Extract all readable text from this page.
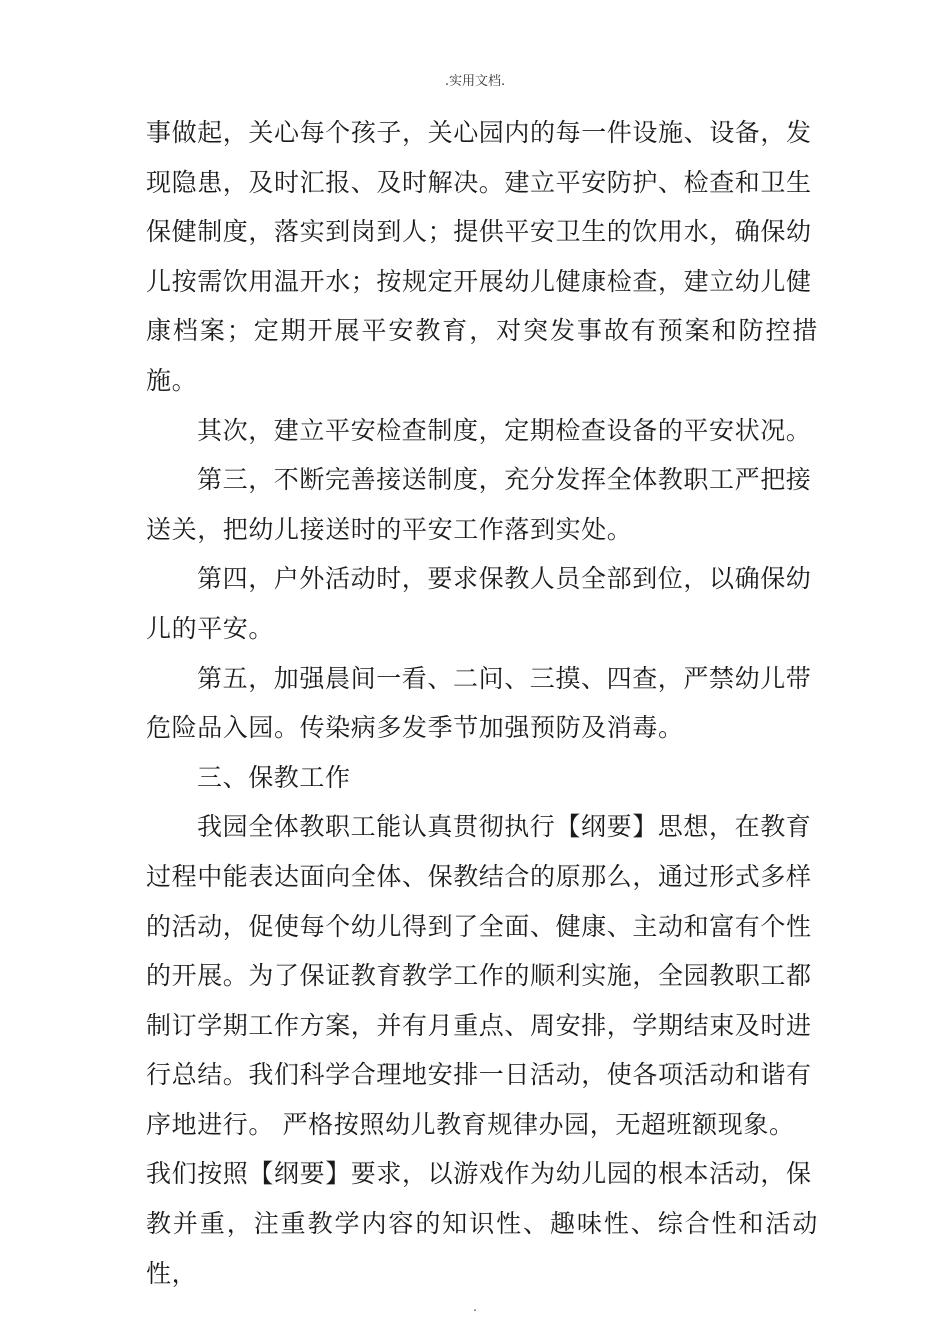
.实用文档.

事做起，关心每个孩子，关心园内的每一件设施、设备，发
现隐患，及时汇报、及时解决。建立平安防护、检查和卫生
保健制度，落实到岗到人；提供平安卫生的饮用水，确保幼
儿按需饮用温开水；按规定开展幼儿健康检查，建立幼儿健
康档案；定期开展平安教育，对突发事故有预案和防控措施。

其次，建立平安检查制度，定期检查设备的平安状况。

第三，不断完善接送制度，充分发挥全体教职工严把接
送关，把幼儿接送时的平安工作落到实处。

第四，户外活动时，要求保教人员全部到位，以确保幼
儿的平安。

第五，加强晨间一看、二问、三摸、四查，严禁幼儿带
危险品入园。传染病多发季节加强预防及消毒。

三、保教工作

我园全体教职工能认真贯彻执行【纲要】思想，在教育
过程中能表达面向全体、保教结合的原那么，通过形式多样
的活动，促使每个幼儿得到了全面、健康、主动和富有个性
的开展。为了保证教育教学工作的顺利实施，全园教职工都
制订学期工作方案，并有月重点、周安排，学期结束及时进
行总结。我们科学合理地安排一日活动，使各项活动和谐有
序地进行。 严格按照幼儿教育规律办园，无超班额现象。
我们按照【纲要】要求，以游戏作为幼儿园的根本活动，保
教并重，注重教学内容的知识性、趣味性、综合性和活动性，

.
